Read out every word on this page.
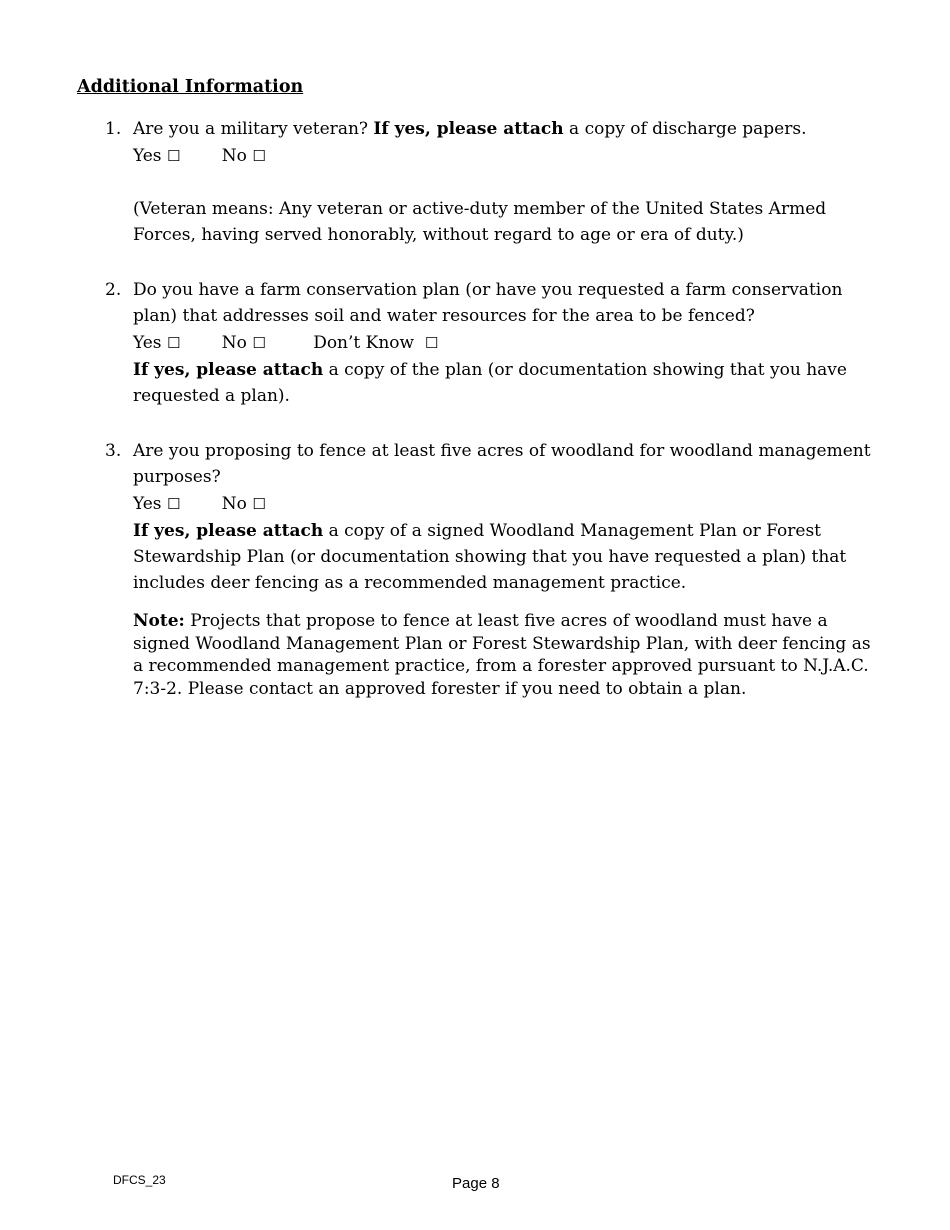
Additional Information
1. Are you a military veteran? If yes, please attach a copy of discharge papers.

Yes ☐ No ☐

(Veteran means: Any veteran or active-duty member of the United States Armed Forces, having served honorably, without regard to age or era of duty.)

2. Do you have a farm conservation plan (or have you requested a farm conservation plan) that addresses soil and water resources for the area to be fenced?

Yes ☐ No ☐	Don’t Know ☐

If yes, please attach a copy of the plan (or documentation showing that you have requested a plan).

3. Are you proposing to fence at least five acres of woodland for woodland management purposes?

Yes ☐ No ☐

If yes, please attach a copy of a signed Woodland Management Plan or Forest Stewardship Plan (or documentation showing that you have requested a plan) that includes deer fencing as a recommended management practice.

Note: Projects that propose to fence at least five acres of woodland must have a signed Woodland Management Plan or Forest Stewardship Plan, with deer fencing as a recommended management practice, from a forester approved pursuant to N.J.A.C. 7:3-2. Please contact an approved forester if you need to obtain a plan.

DFCS_23	Page 8
